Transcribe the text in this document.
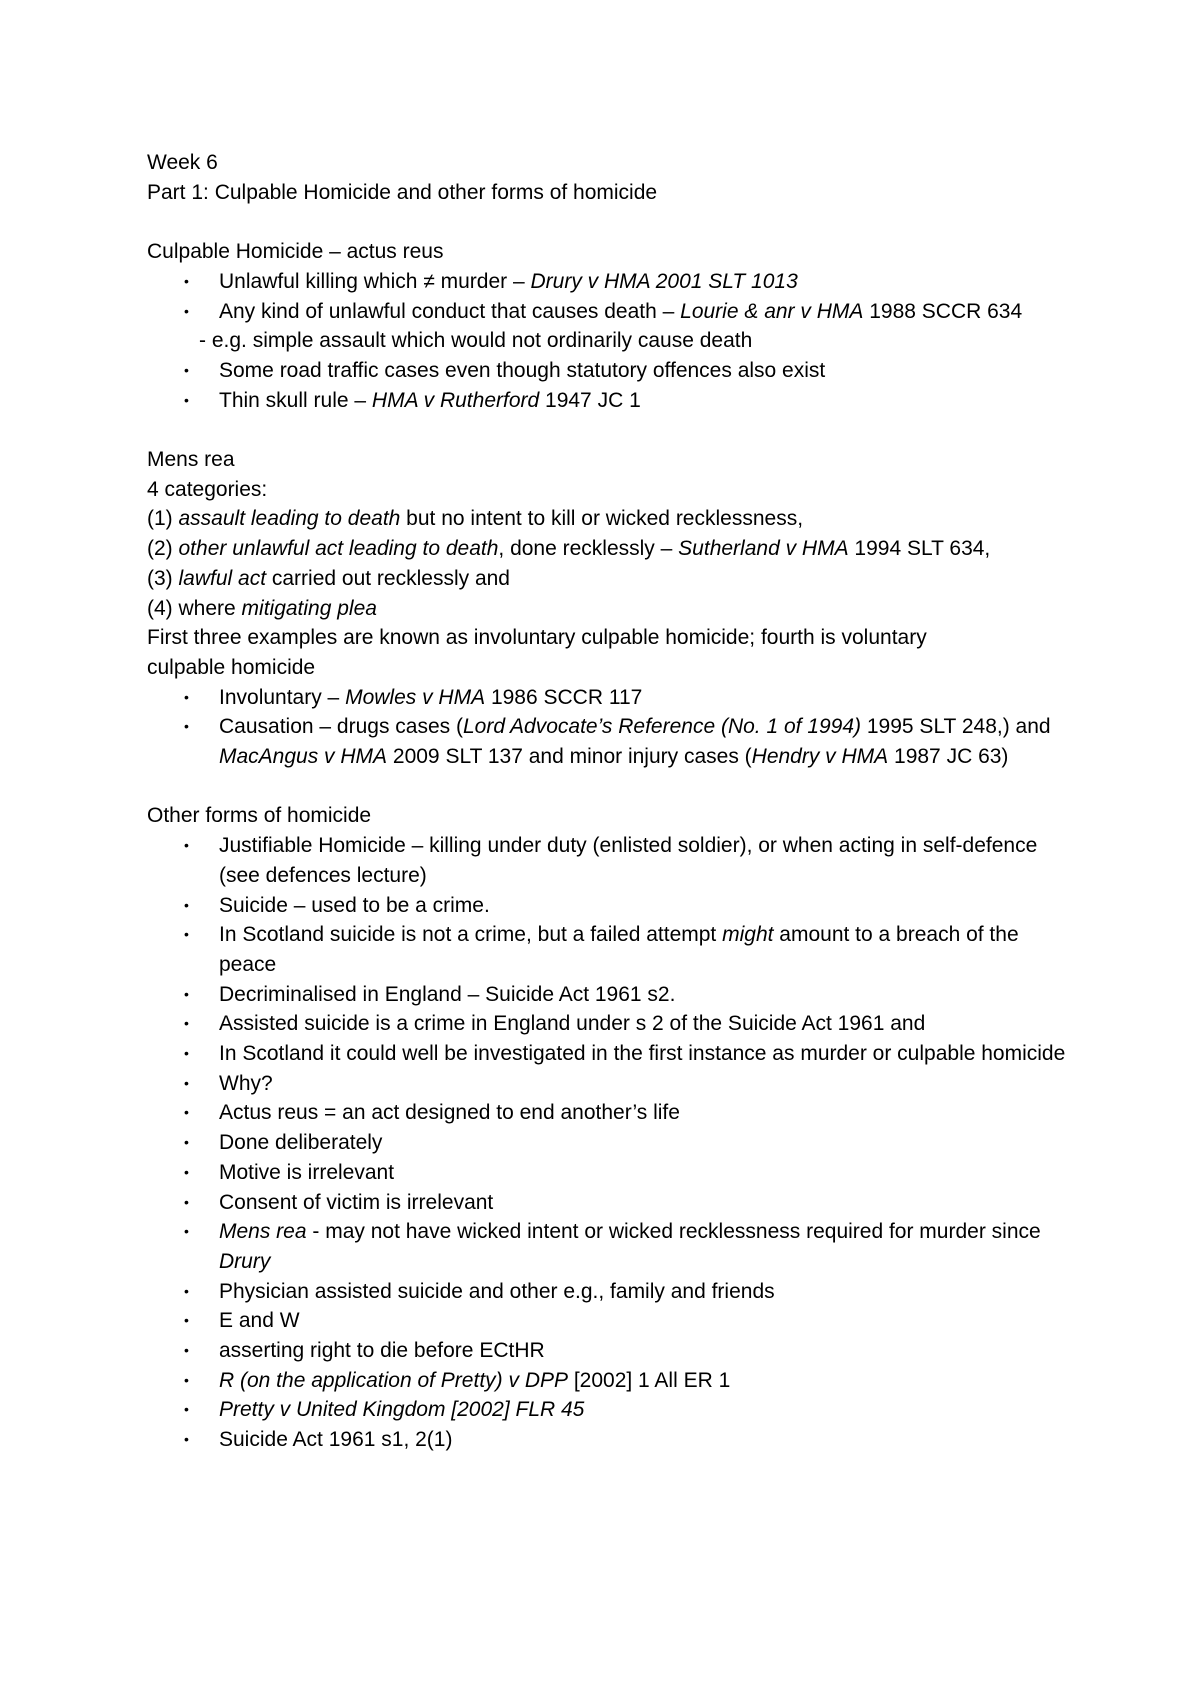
Week 6

Part 1: Culpable Homicide and other forms of homicide

Culpable Homicide – actus reus

• Unlawful killing which ≠ murder – Drury v HMA 2001 SLT 1013
• Any kind of unlawful conduct that causes death – Lourie & anr v HMA 1988 SCCR 634

- e.g. simple assault which would not ordinarily cause death

• Some road traffic cases even though statutory offences also exist
• Thin skull rule – HMA v Rutherford 1947 JC 1

Mens rea

4 categories:

(1) assault leading to death but no intent to kill or wicked recklessness,

(2) other unlawful act leading to death, done recklessly – Sutherland v HMA 1994 SLT 634,

(3) lawful act carried out recklessly and

(4) where mitigating plea

First three examples are known as involuntary culpable homicide; fourth is voluntary

culpable homicide

• Involuntary – Mowles v HMA 1986 SCCR 117
• Causation – drugs cases (Lord Advocate’s Reference (No. 1 of 1994) 1995 SLT 248,) and MacAngus v HMA 2009 SLT 137 and minor injury cases (Hendry v HMA 1987 JC 63)

Other forms of homicide

• Justifiable Homicide – killing under duty (enlisted soldier), or when acting in self-defence (see defences lecture)
• Suicide – used to be a crime.
• In Scotland suicide is not a crime, but a failed attempt might amount to a breach of the peace
• Decriminalised in England – Suicide Act 1961 s2.
• Assisted suicide is a crime in England under s 2 of the Suicide Act 1961 and
• In Scotland it could well be investigated in the first instance as murder or culpable homicide
• Why?
• Actus reus = an act designed to end another’s life
• Done deliberately
• Motive is irrelevant
• Consent of victim is irrelevant
• Mens rea - may not have wicked intent or wicked recklessness required for murder since Drury
• Physician assisted suicide and other e.g., family and friends
• E and W
• asserting right to die before ECtHR
• R (on the application of Pretty) v DPP [2002] 1 All ER 1
• Pretty v United Kingdom [2002] FLR 45
• Suicide Act 1961 s1, 2(1)
